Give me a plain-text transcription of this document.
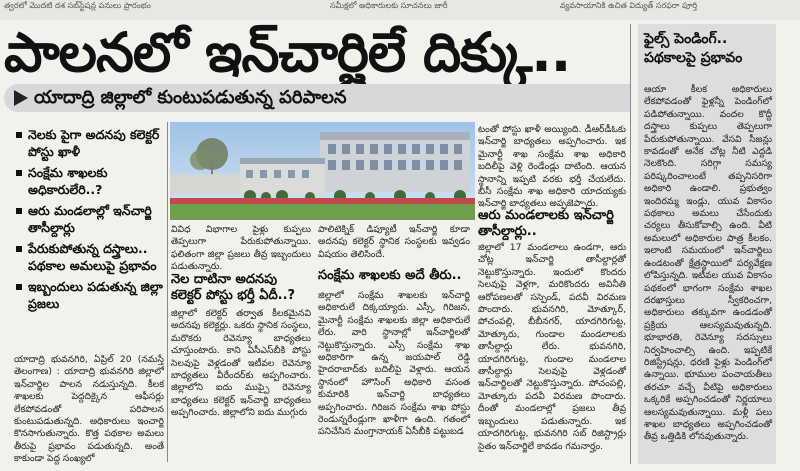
త్వరలో మొదటి దశ సబ్‌స్టేషన్ల పనులు ప్రారంభం	సమీక్షలో అధికారులకు సూచనలు జారీ	వ్యవసాయానికి ఉచిత విద్యుత్ సరఫరా పూర్తి
పాలనలో ఇన్‌చార్జిలే దిక్కు..
యాదాద్రి జిల్లాలో కుంటుపడుతున్న పరిపాలన
నెలకు పైగా అదనపు కలెక్టర్ పోస్టు ఖాళీ
సంక్షేమ శాఖలకు అధికారులేరి..?
ఆరు మండలాల్లో ఇన్‌చార్జి తాసీల్దార్లు
పేరుకుపోతున్న దస్త్రాలు.. పథకాల అమలుపై ప్రభావం
ఇబ్బందులు పడుతున్న జిల్లా ప్రజలు
యాదాద్రి భువనగిరి, ఏప్రిల్ 20 (నమస్తే తెలంగాణ) : యాదాద్రి భువనగిరి జిల్లాలో ఇన్‌చార్జిల పాలన నడుస్తున్నది. కీలక శాఖలకు పెద్దదిక్కైన ఆఫీసర్లు లేకపోవడంతో పరిపాలన కుంటుపడుతున్నది. అధికారులు ఇంచార్జి కొనసాగుతున్నారు. కొత్త పథకాల అమలు తీరుపై ప్రభావం పడుతున్నది. అంతే కాకుండా పెద్ద సంఖ్యలో
వివిధ విభాగాల పైళ్లు కుప్పలు తెప్పలుగా పేరుకుపోతున్నాయి. ఫలితంగా జిల్లా ప్రజలు తీవ్ర ఇబ్బందులు పడుతున్నారు.
నెల దాటినా అదనపు కలెక్టర్ పోస్టు భర్తీ ఏదీ..?
జిల్లాలో కలెక్టర్ తర్వాత కీలకమైనవి అదనపు కలెక్టర్లు. ఒకరు స్థానిక సంస్థలు, మరొకరు రెవెన్యూ బాధ్యతలు చూస్తుంటారు. కాని ఏసీఎస్‌బీకి పోస్టు సెలవుపై వెళ్లడంతో ఇటీవల రెవెన్యూ బాధ్యతలు వీరేందర్‌కు అప్పగించారు. జిల్లాలోని ఐదు ముప్పై రెవెన్యూ బాధ్యతలు కలెక్టర్ ఇన్‌చార్జి బాధ్యతలు అప్పగించారు. జిల్లాలోని ఐదు ముగ్గురు
పాలిటెక్నిక్ డిప్యూటీ ఇన్‌చార్జి కూడా అదనపు కలెక్టర్ స్థానిక సంస్థలకు ఇవ్వడం విషయం తెలిసిందే.
సంక్షేమ శాఖలకు అదే తీరు..
జిల్లాలో సంక్షేమ శాఖలకు ఇన్‌చార్జి అధికారులే దిక్కయ్యారు. ఎస్సీ, గిరిజన, మైనార్టీ సంక్షేమ శాఖలకు జిల్లా అధికారులే లేరు. వారి స్థానాల్లో ఇన్‌చార్జిలతో నెట్టుకొస్తున్నారు. ఎస్సీ సంక్షేమ శాఖ అధికారిగా ఉన్న జయపాల్ రెడ్డి హైదరాబాద్‌కు బదిలీపై వెళ్లారు. ఆయన స్థానంలో హౌసింగ్ అధికారి వసంత కుమారికి ఇన్‌చార్జి బాధ్యతలు అప్పగించారు. గిరిజన సంక్షేమ శాఖ పోస్టు రెండున్నరేండ్లుగా ఖాళీగా ఉంది. గతంలో పనిచేసిన మంగ్తానాయక్ ఏసీబీకి పట్టుబడ
టంతో పోస్టు ఖాళీ అయ్యింది. డీఆర్‌డీఓకు ఇన్‌చార్జి బాధ్యతలు అప్పగించారు. ఇక మైనార్టీ శాఖ సంక్షేమ శాఖ అధికారి బదిలీపై వెళ్లి రెండేండ్లు దాటింది. ఆయన స్థానాన్ని ఇప్పటి వరకు భర్తీ చేయలేదు. బీసీ సంక్షేమ శాఖ అధికారి యాదయ్యకు ఇన్‌చార్జి బాధ్యతలు అప్పజెప్పారు.
ఆరు మండలాలకు ఇన్‌చార్జి తాసీల్దార్లు..
జిల్లాలో 17 మండలాలు ఉండగా, ఆరు చోట్ల ఇన్‌చార్జి తాసీల్దార్లతో నెట్టుకొస్తున్నారు. ఇందులో కొందరు సెలవుపై వెళ్లగా, మరికొందరు అవినీతి ఆరోపణలతో సస్పెండ్, పదవీ విరమణ పొందారు. భువనగిరి, మోత్కూర్, పోచంపల్లి, బీబీనగర్, యాదగిరిగుట్ట, మోత్కూరు, గుండాల మండలాలకు తాసీల్దార్లు లేరు. భువనగిరి, యాదగిరిగుట్ట, గుండాల మండలాల తాసీల్దార్లు సెలవుపై వెళ్లడంతో ఇన్‌చార్జిలతో నెట్టుకొస్తున్నారు. పోచంపల్లి, మోత్కూరు పదవీ విరమణ పొందారు. దీంతో మండలాల్లో ప్రజలు తీవ్ర ఇబ్బందులు పడుతున్నారు. ఇక యాదగిరిగుట్ట, భువనగిరి సబ్ రిజిస్ట్రార్లు సైతం ఇన్‌చార్జిలే కావడం గమనార్హం.
ఫైల్స్ పెండింగ్.. పథకాలపై ప్రభావం
ఆయా కీలక అధికారులు లేకపోవడంతో ఫైళ్లన్నీ పెండింగ్‌లో పడిపోతున్నాయి. వందల కొద్దీ దస్త్రాలు కుప్పలు తెప్పలుగా పేరుకుపోతున్నాయి. వేసవి సీజన్లు కావడంతో అనేక చోట్ల నీటి ఎద్దడి నెలకొంది. సరిగ్గా సమస్య పరిష్కరించాలంటే తప్పనిసరిగా అధికారి ఉండాలి. ప్రభుత్వం ఇందిరమ్మ ఇండ్లు, యువ వికాసం పథకాలు అమలు చేసేందుకు చర్యలు తీసుకోవాల్సి ఉంది. వీటి అమలులో అధికారుల పాత్ర కీలకం. ఇలాంటి సమయంలో ఇన్‌చార్జిలు ఉండటంతో క్షేత్రస్థాయిలో పర్యవేక్షణ లోపిస్తున్నది. ఇటీవల యువ వికాసం పథకంలో భాగంగా సంక్షేమ శాఖల దరఖాస్తులు స్వీకరించగా, అధికారులు తక్కువగా ఉండడంతో ప్రక్రియ ఆలస్యమవుతున్నది. భూభారతి, రెవెన్యూ సదస్సులు నిర్వహించాల్సి ఉంది. ఇప్పటికే రిజిస్ట్రేషన్లు, ధరణి ఫైళ్లు పెండింగ్‌లో ఉన్నాయి. భూముల పంచాయతీలు తరచూ వచ్చే వీటిపై అధికారులు ఒక్కరికే అప్పగించడంతో నిర్ణయాలు ఆలస్యమవుతున్నాయి. మళ్లీ పలు శాఖల బాధ్యతలు అప్పగించడంతో తీవ్ర ఒత్తిడికి లోనవుతున్నారు.
